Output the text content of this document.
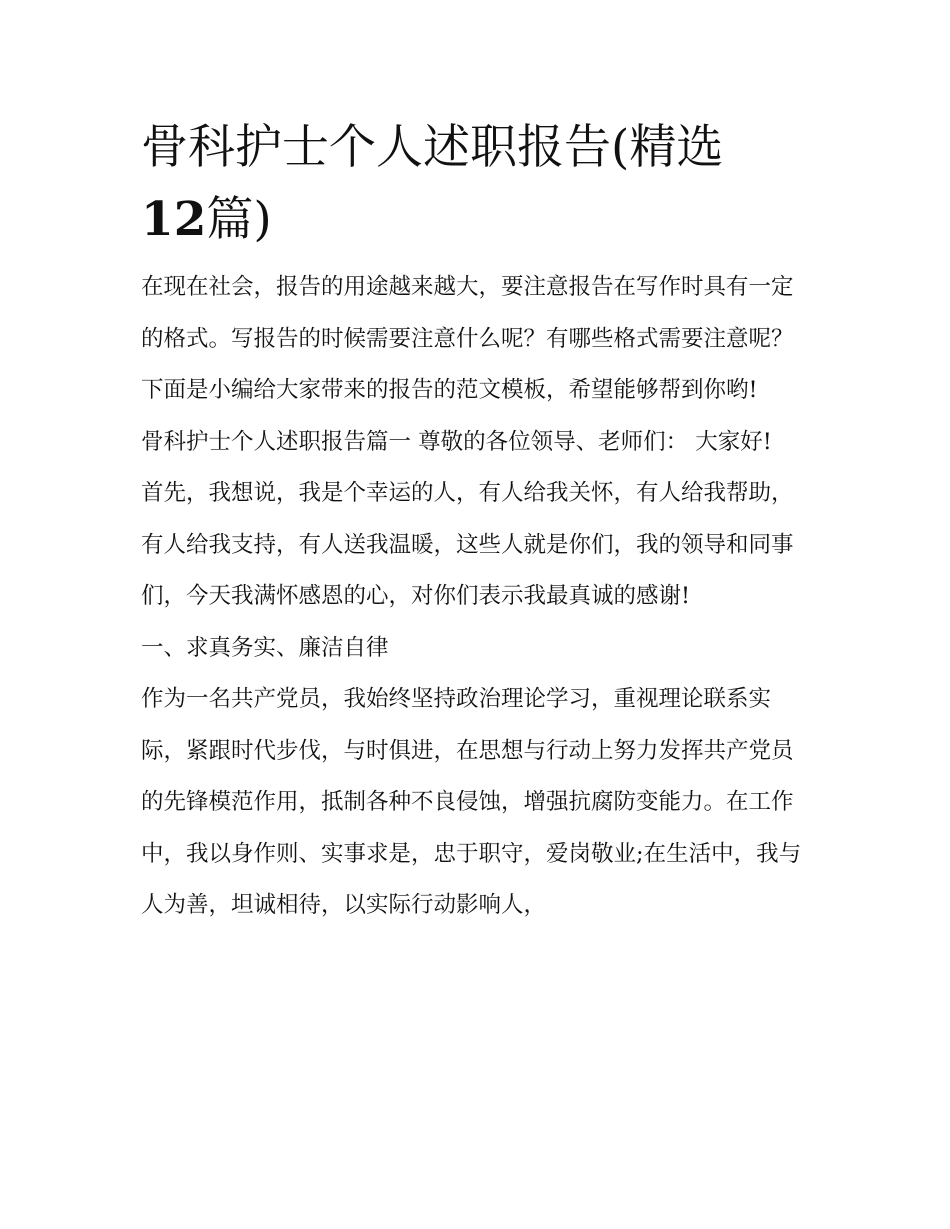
骨科护士个人述职报告(精选
12篇)

在现在社会，报告的用途越来越大，要注意报告在写作时具有一定的格式。写报告的时候需要注意什么呢？有哪些格式需要注意呢？下面是小编给大家带来的报告的范文模板，希望能够帮到你哟!

骨科护士个人述职报告篇一 尊敬的各位领导、老师们： 大家好!

首先，我想说，我是个幸运的人，有人给我关怀，有人给我帮助，有人给我支持，有人送我温暖，这些人就是你们，我的领导和同事们，今天我满怀感恩的心，对你们表示我最真诚的感谢!

一、求真务实、廉洁自律

作为一名共产党员，我始终坚持政治理论学习，重视理论联系实际，紧跟时代步伐，与时俱进，在思想与行动上努力发挥共产党员的先锋模范作用，抵制各种不良侵蚀，增强抗腐防变能力。在工作中，我以身作则、实事求是，忠于职守，爱岗敬业;在生活中，我与人为善，坦诚相待，以实际行动影响人，
